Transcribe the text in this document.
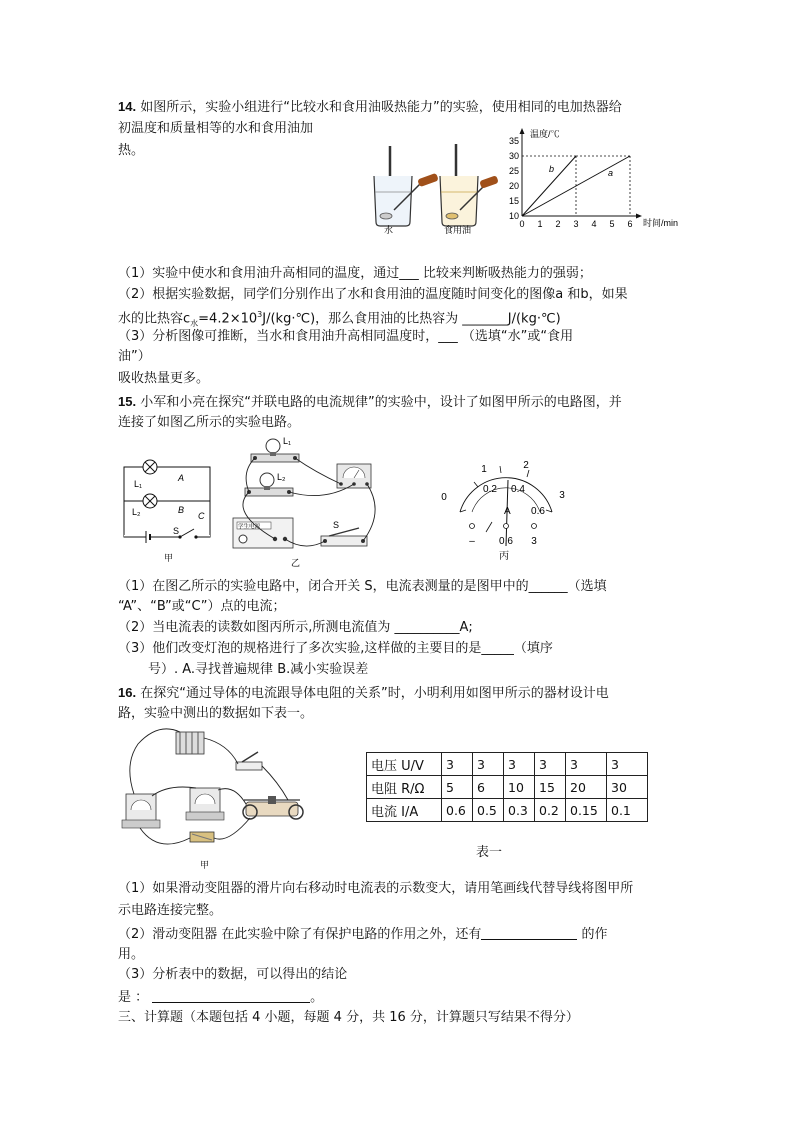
14. 如图所示，实验小组进行“比较水和食用油吸热能力”的实验，使用相同的电加热器给
初温度和质量相等的水和食用油加
热。
水	食用油
温度/℃
时间/min
10
15
20
25
30
35
0 1 2 3 4 5 6
b	a
（1）实验中使水和食用油升高相同的温度，通过___ 比较来判断吸热能力的强弱；
（2）根据实验数据，同学们分别作出了水和食用油的温度随时间变化的图像a 和b，如果
水的比热容$c_水=4.2\times 10^3J/(kg\cdot℃)$，那么食用油的比热容为 _______J/(kg·℃)
（3）分析图像可推断，当水和食用油升高相同温度时，___ （选填“水”或“食用
油”）
吸收热量更多。
15. 小军和小亮在探究“并联电路的电流规律”的实验中，设计了如图甲所示的电路图，并
连接了如图乙所示的实验电路。
L₁
L₂
A
B
C
S
甲
学生电源
L₁
L₂
S
乙
0
1	2
3
0.2 0.4
0.6
A
– 0.6 3
丙
（1）在图乙所示的实验电路中，闭合开关 S，电流表测量的是图甲中的______（选填
“A”、“B”或“C”）点的电流；
（2）当电流表的读数如图丙所示,所测电流值为 __________A;
（3）他们改变灯泡的规格进行了多次实验,这样做的主要目的是_____（填序
号）. A.寻找普遍规律 B.减小实验误差
16. 在探究“通过导体的电流跟导体电阻的关系”时，小明利用如图甲所示的器材设计电
路，实验中测出的数据如下表一。
甲
电压 U/V	3	3	3	3	3	3
电阻 R/Ω	5	6	10	15	20	30
电流 I/A	0.6	0.5	0.3	0.2	0.15	0.1
表一
（1）如果滑动变阻器的滑片向右移动时电流表的示数变大，请用笔画线代替导线将图甲所
示电路连接完整。
（2）滑动变阻器 在此实验中除了有保护电路的作用之外，还有	的作
用。
（3）分析表中的数据，可以得出的结论
是 ：	。
三、计算题（本题包括 4 小题，每题 4 分，共 16 分，计算题只写结果不得分）
